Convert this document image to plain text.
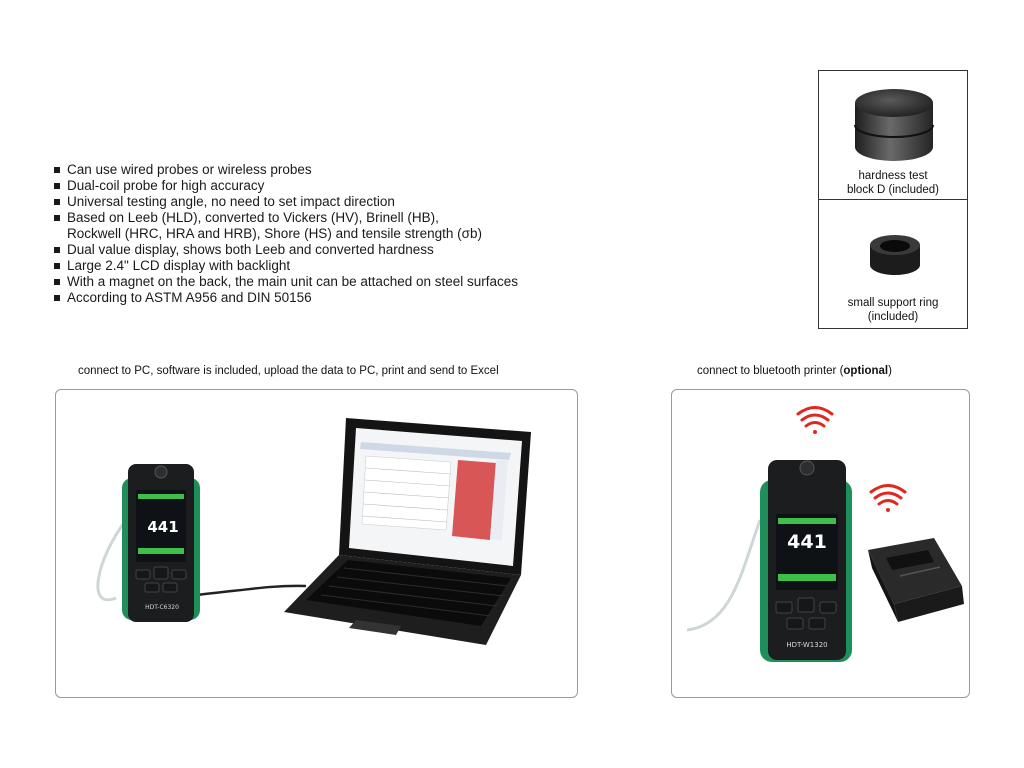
Can use wired probes or wireless probes
Dual-coil probe for high accuracy
Universal testing angle, no need to set impact direction
Based on Leeb (HLD), converted to Vickers (HV), Brinell (HB),
Rockwell (HRC, HRA and HRB), Shore (HS) and tensile strength (σb)
Dual value display, shows both Leeb and converted hardness
Large 2.4" LCD display with backlight
With a magnet on the back, the main unit can be attached on steel surfaces
According to ASTM A956 and DIN 50156
hardness test
block D (included)
small support ring
(included)
connect to PC, software is included, upload the data to PC, print and send to Excel	connect to bluetooth printer (optional)
441
HDT-C6320
441
HDT-W1320
